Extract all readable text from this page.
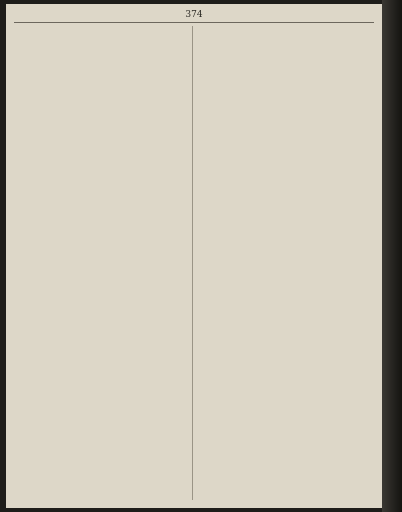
374
